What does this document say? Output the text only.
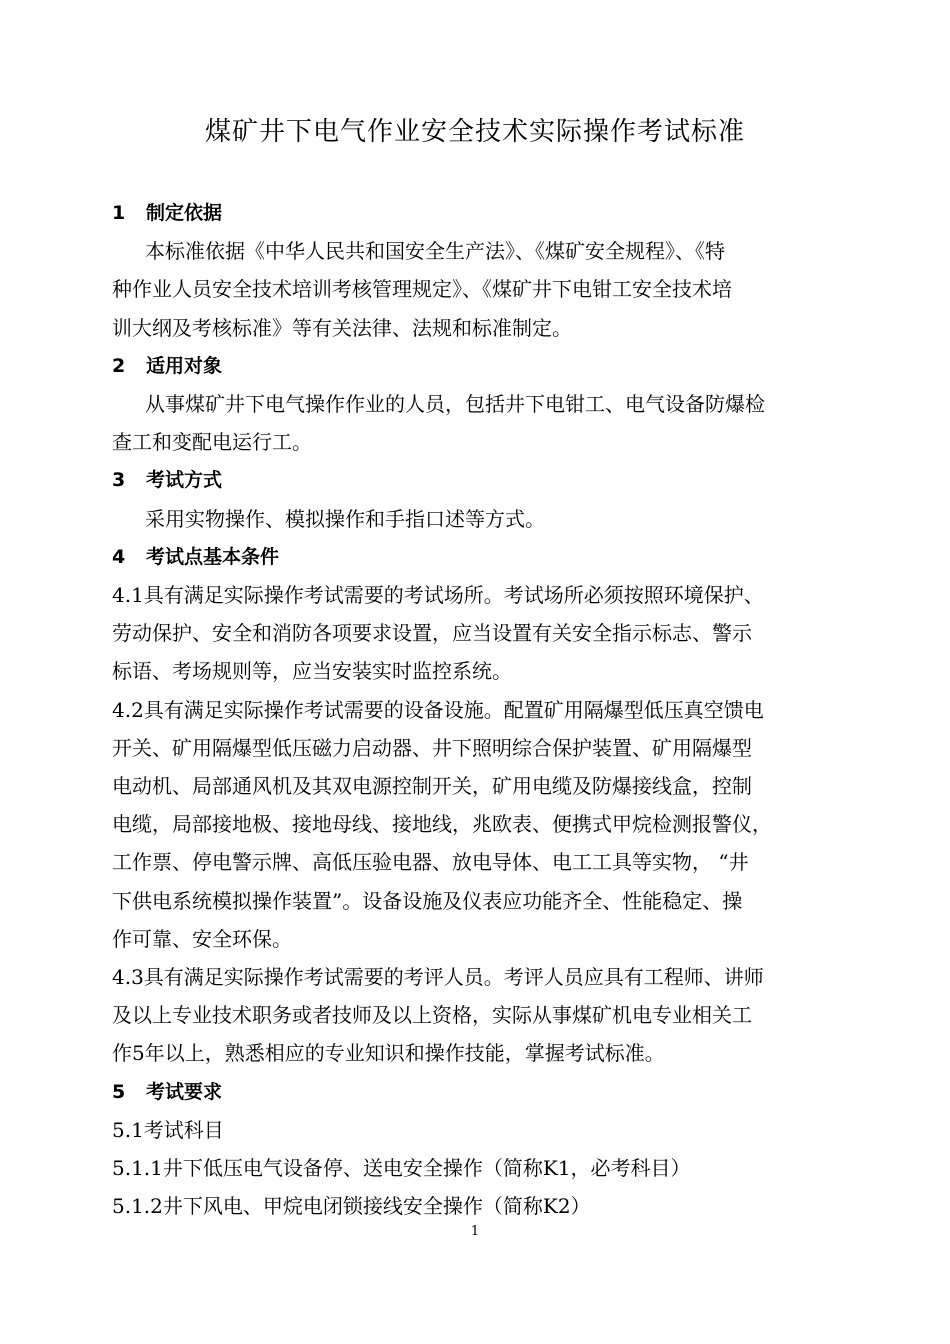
煤矿井下电气作业安全技术实际操作考试标准
1 制定依据
本标准依据《中华人民共和国安全生产法》、《煤矿安全规程》、《特
种作业人员安全技术培训考核管理规定》、《煤矿井下电钳工安全技术培
训大纲及考核标准》等有关法律、法规和标准制定。
2 适用对象
从事煤矿井下电气操作作业的人员，包括井下电钳工、电气设备防爆检
查工和变配电运行工。
3 考试方式
采用实物操作、模拟操作和手指口述等方式。
4 考试点基本条件
4.1具有满足实际操作考试需要的考试场所。考试场所必须按照环境保护、
劳动保护、安全和消防各项要求设置，应当设置有关安全指示标志、警示
标语、考场规则等，应当安装实时监控系统。
4.2具有满足实际操作考试需要的设备设施。配置矿用隔爆型低压真空馈电
开关、矿用隔爆型低压磁力启动器、井下照明综合保护装置、矿用隔爆型
电动机、局部通风机及其双电源控制开关，矿用电缆及防爆接线盒，控制
电缆，局部接地极、接地母线、接地线，兆欧表、便携式甲烷检测报警仪，
工作票、停电警示牌、高低压验电器、放电导体、电工工具等实物， “井
下供电系统模拟操作装置”。设备设施及仪表应功能齐全、性能稳定、操
作可靠、安全环保。
4.3具有满足实际操作考试需要的考评人员。考评人员应具有工程师、讲师
及以上专业技术职务或者技师及以上资格，实际从事煤矿机电专业相关工
作5年以上，熟悉相应的专业知识和操作技能，掌握考试标准。
5 考试要求
5.1考试科目
5.1.1井下低压电气设备停、送电安全操作（简称K1，必考科目）
5.1.2井下风电、甲烷电闭锁接线安全操作（简称K2）
1
